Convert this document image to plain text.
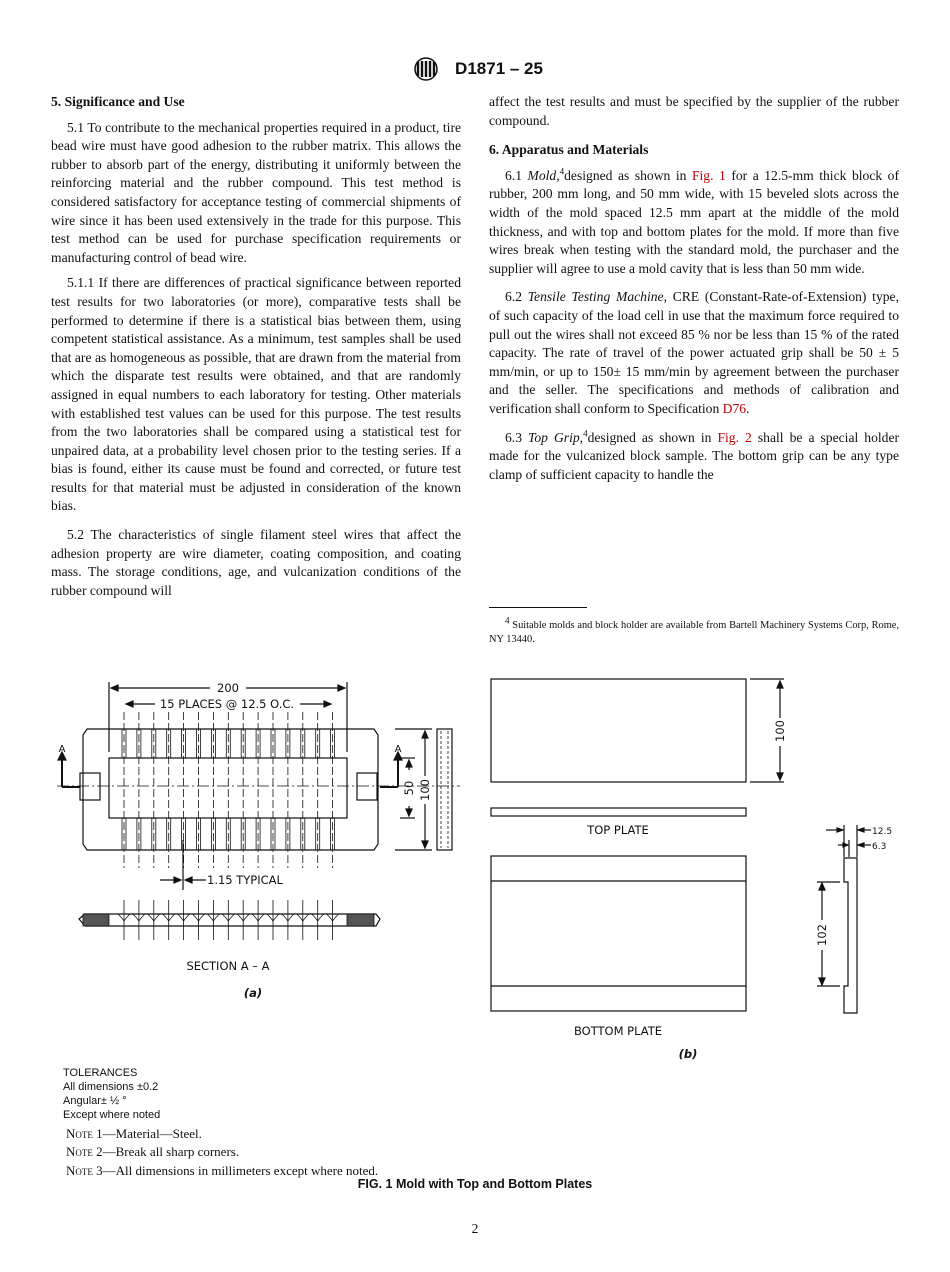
D1871 – 25
5. Significance and Use

5.1 To contribute to the mechanical properties required in a product, tire bead wire must have good adhesion to the rubber matrix. This allows the rubber to absorb part of the energy, distributing it uniformly between the reinforcing material and the rubber compound. This test method is considered satisfactory for acceptance testing of commercial shipments of wire since it has been used extensively in the trade for this purpose. This test method can be used for purchase specification requirements or manufacturing control of bead wire.

5.1.1 If there are differences of practical significance between reported test results for two laboratories (or more), comparative tests shall be performed to determine if there is a statistical bias between them, using competent statistical assistance. As a minimum, test samples shall be used that are as homogeneous as possible, that are drawn from the material from which the disparate test results were obtained, and that are randomly assigned in equal numbers to each laboratory for testing. Other materials with established test values can be used for this purpose. The test results from the two laboratories shall be compared using a statistical test for unpaired data, at a probability level chosen prior to the testing series. If a bias is found, either its cause must be found and corrected, or future test results for that material must be adjusted in consideration of the known bias.

5.2 The characteristics of single filament steel wires that affect the adhesion property are wire diameter, coating composition, and coating mass. The storage conditions, age, and vulcanization conditions of the rubber compound will

affect the test results and must be specified by the supplier of the rubber compound.

6. Apparatus and Materials

6.1 Mold,$^4$designed as shown in Fig. 1 for a 12.5-mm thick block of rubber, 200 mm long, and 50 mm wide, with 15 beveled slots across the width of the mold spaced 12.5 mm apart at the middle of the mold thickness, and with top and bottom plates for the mold. If more than five wires break when testing with the standard mold, the purchaser and the supplier will agree to use a mold cavity that is less than 50 mm wide.

6.2 Tensile Testing Machine, CRE (Constant-Rate-of-Extension) type, of such capacity of the load cell in use that the maximum force required to pull out the wires shall not exceed 85 % nor be less than 15 % of the rated capacity. The rate of travel of the power actuated grip shall be 50 ± 5 mm/min, or up to 150± 15 mm/min by agreement between the purchaser and the seller. The specifications and methods of calibration and verification shall conform to Specification D76.

6.3 Top Grip,$^4$designed as shown in Fig. 2 shall be a special holder made for the vulcanized block sample. The bottom grip can be any type clamp of sufficient capacity to handle the

$^4$ Suitable molds and block holder are available from Bartell Machinery Systems Corp, Rome, NY 13440.
200
15 PLACES @ 12.5 O.C.
A	A
50 100
1.15 TYPICAL
SECTION A – A
(a)
100
TOP PLATE
BOTTOM PLATE
12.5
6.3
102
(b)
TOLERANCES
All dimensions ±0.2
Angular± ½ °
Except where noted
Note 1—Material—Steel.
Note 2—Break all sharp corners.
Note 3—All dimensions in millimeters except where noted.
FIG. 1 Mold with Top and Bottom Plates
2
